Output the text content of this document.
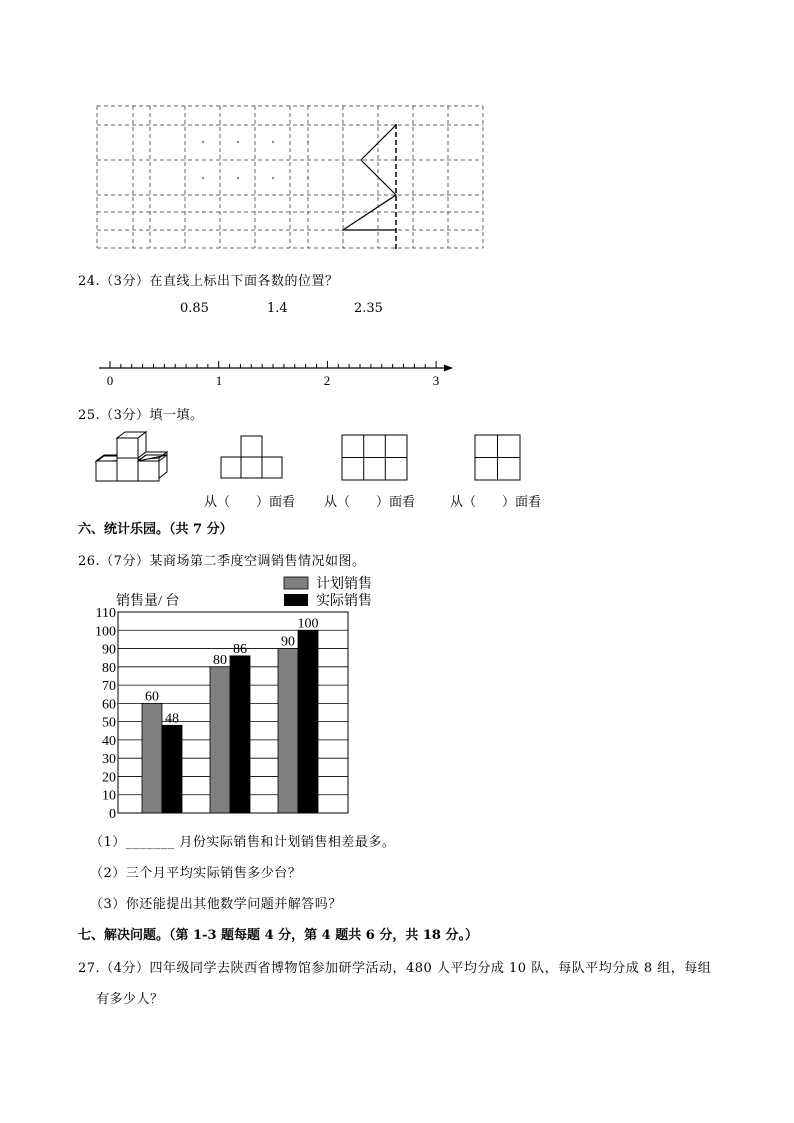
24.（3分）在直线上标出下面各数的位置？
0.85	1.4	2.35
0	1	2	3
25.（3分）填一填。
从（　　）面看 从（　　）面看	从（　　）面看
六、统计乐园。（共 7 分）
26.（7分）某商场第二季度空调销售情况如图。
0
10
20
30
40
50
60
70
80
90
100
110
60
80
90
48
86
100
销售量/ 台
计划销售
实际销售
（1）_______ 月份实际销售和计划销售相差最多。
（2）三个月平均实际销售多少台？
（3）你还能提出其他数学问题并解答吗？
七、解决问题。（第 1-3 题每题 4 分，第 4 题共 6 分，共 18 分。）
27.（4分）四年级同学去陕西省博物馆参加研学活动，480 人平均分成 10 队，每队平均分成 8 组，每组
有多少人？
